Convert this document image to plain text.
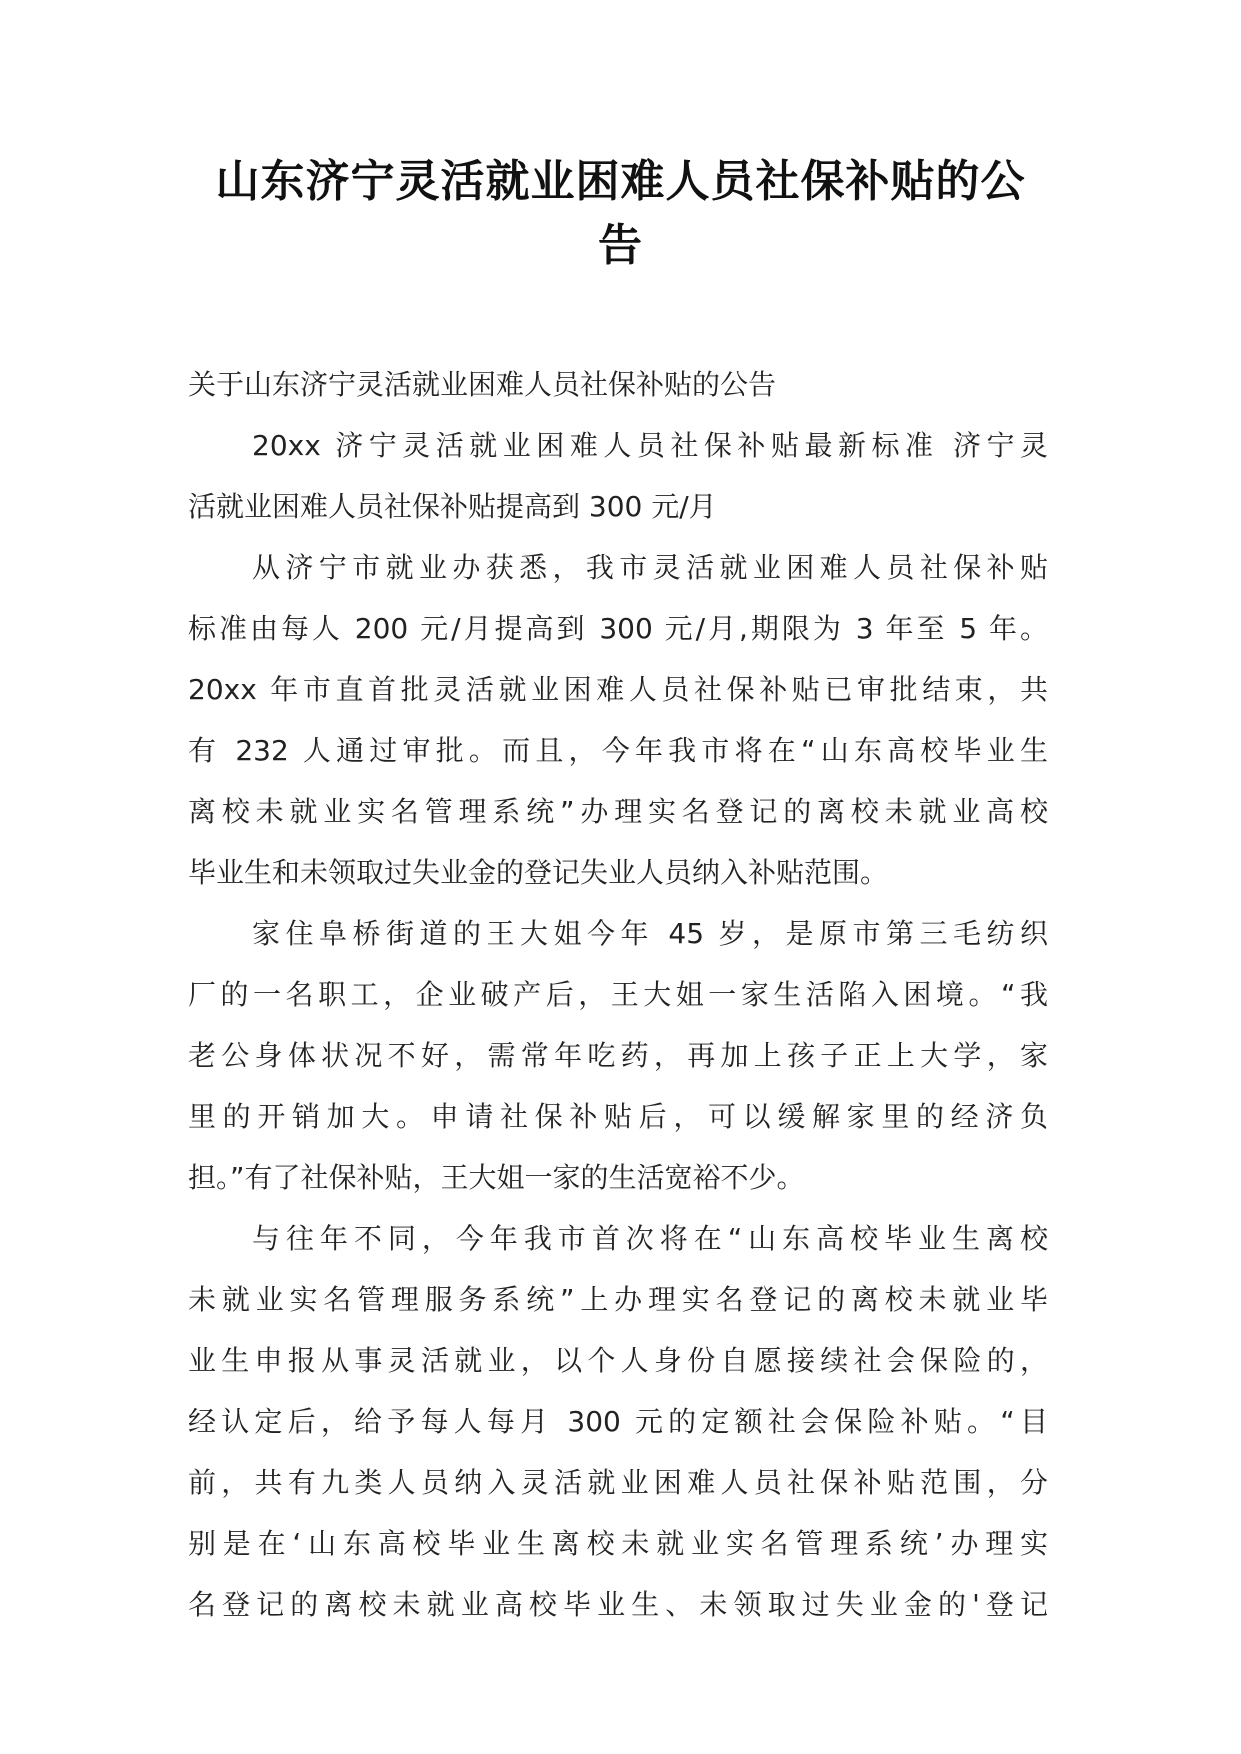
山东济宁灵活就业困难人员社保补贴的公
告
关于山东济宁灵活就业困难人员社保补贴的公告
20xx 济宁灵活就业困难人员社保补贴最新标准 济宁灵
活就业困难人员社保补贴提高到 300 元/月
从济宁市就业办获悉，我市灵活就业困难人员社保补贴
标准由每人 200 元/月提高到 300 元/月,期限为 3 年至 5 年。
20xx 年市直首批灵活就业困难人员社保补贴已审批结束，共
有 232 人通过审批。而且，今年我市将在“山东高校毕业生
离校未就业实名管理系统”办理实名登记的离校未就业高校
毕业生和未领取过失业金的登记失业人员纳入补贴范围。
家住阜桥街道的王大姐今年 45 岁，是原市第三毛纺织
厂的一名职工，企业破产后，王大姐一家生活陷入困境。“我
老公身体状况不好，需常年吃药，再加上孩子正上大学，家
里的开销加大。申请社保补贴后，可以缓解家里的经济负
担。”有了社保补贴，王大姐一家的生活宽裕不少。
与往年不同，今年我市首次将在“山东高校毕业生离校
未就业实名管理服务系统”上办理实名登记的离校未就业毕
业生申报从事灵活就业，以个人身份自愿接续社会保险的，
经认定后，给予每人每月 300 元的定额社会保险补贴。“目
前，共有九类人员纳入灵活就业困难人员社保补贴范围，分
别是在‘山东高校毕业生离校未就业实名管理系统’办理实
名登记的离校未就业高校毕业生、未领取过失业金的'登记
